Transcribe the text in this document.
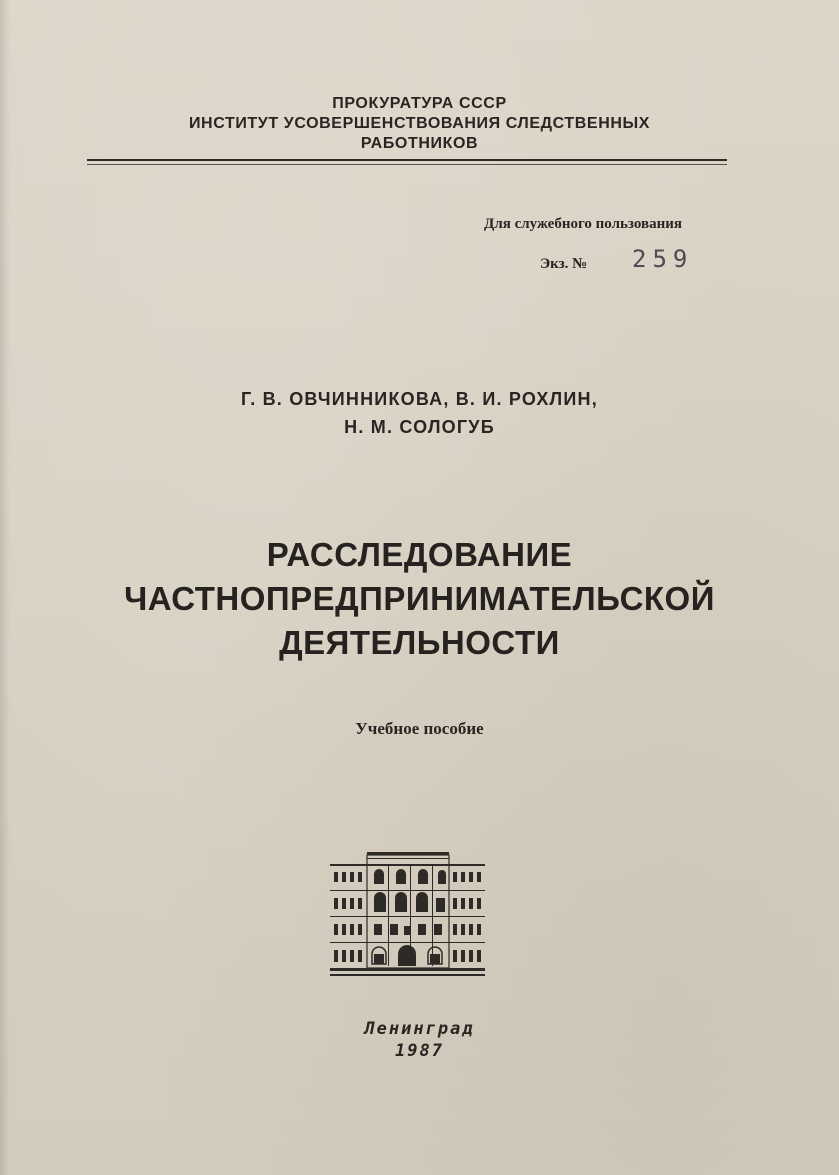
ПРОКУРАТУРА СССР
ИНСТИТУТ УСОВЕРШЕНСТВОВАНИЯ СЛЕДСТВЕННЫХ
РАБОТНИКОВ
Для служебного пользования
Экз. № 259
Г. В. ОВЧИННИКОВА, В. И. РОХЛИН,
Н. М. СОЛОГУБ
РАССЛЕДОВАНИЕ
ЧАСТНОПРЕДПРИНИМАТЕЛЬСКОЙ
ДЕЯТЕЛЬНОСТИ
Учебное пособие
Ленинград
1987
